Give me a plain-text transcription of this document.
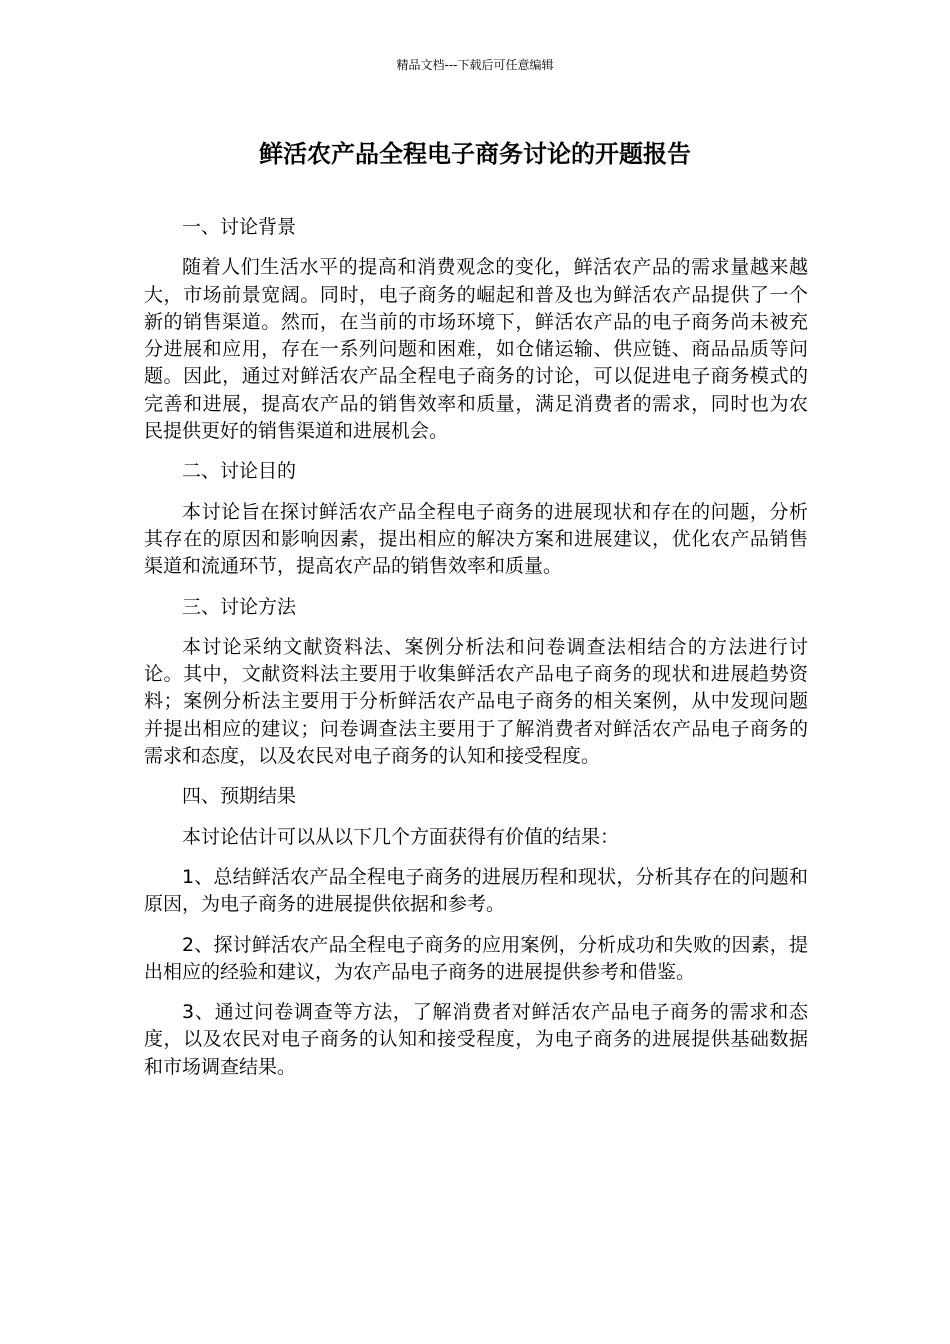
精品文档---下载后可任意编辑
鲜活农产品全程电子商务讨论的开题报告

一、讨论背景

随着人们生活水平的提高和消费观念的变化，鲜活农产品的需求量越来越大，市场前景宽阔。同时，电子商务的崛起和普及也为鲜活农产品提供了一个新的销售渠道。然而，在当前的市场环境下，鲜活农产品的电子商务尚未被充分进展和应用，存在一系列问题和困难，如仓储运输、供应链、商品品质等问题。因此，通过对鲜活农产品全程电子商务的讨论，可以促进电子商务模式的完善和进展，提高农产品的销售效率和质量，满足消费者的需求，同时也为农民提供更好的销售渠道和进展机会。

二、讨论目的

本讨论旨在探讨鲜活农产品全程电子商务的进展现状和存在的问题，分析其存在的原因和影响因素，提出相应的解决方案和进展建议，优化农产品销售渠道和流通环节，提高农产品的销售效率和质量。

三、讨论方法

本讨论采纳文献资料法、案例分析法和问卷调查法相结合的方法进行讨论。其中，文献资料法主要用于收集鲜活农产品电子商务的现状和进展趋势资料；案例分析法主要用于分析鲜活农产品电子商务的相关案例，从中发现问题并提出相应的建议；问卷调查法主要用于了解消费者对鲜活农产品电子商务的需求和态度，以及农民对电子商务的认知和接受程度。

四、预期结果

本讨论估计可以从以下几个方面获得有价值的结果：

1、总结鲜活农产品全程电子商务的进展历程和现状，分析其存在的问题和原因，为电子商务的进展提供依据和参考。

2、探讨鲜活农产品全程电子商务的应用案例，分析成功和失败的因素，提出相应的经验和建议，为农产品电子商务的进展提供参考和借鉴。

3、通过问卷调查等方法，了解消费者对鲜活农产品电子商务的需求和态度，以及农民对电子商务的认知和接受程度，为电子商务的进展提供基础数据和市场调查结果。
